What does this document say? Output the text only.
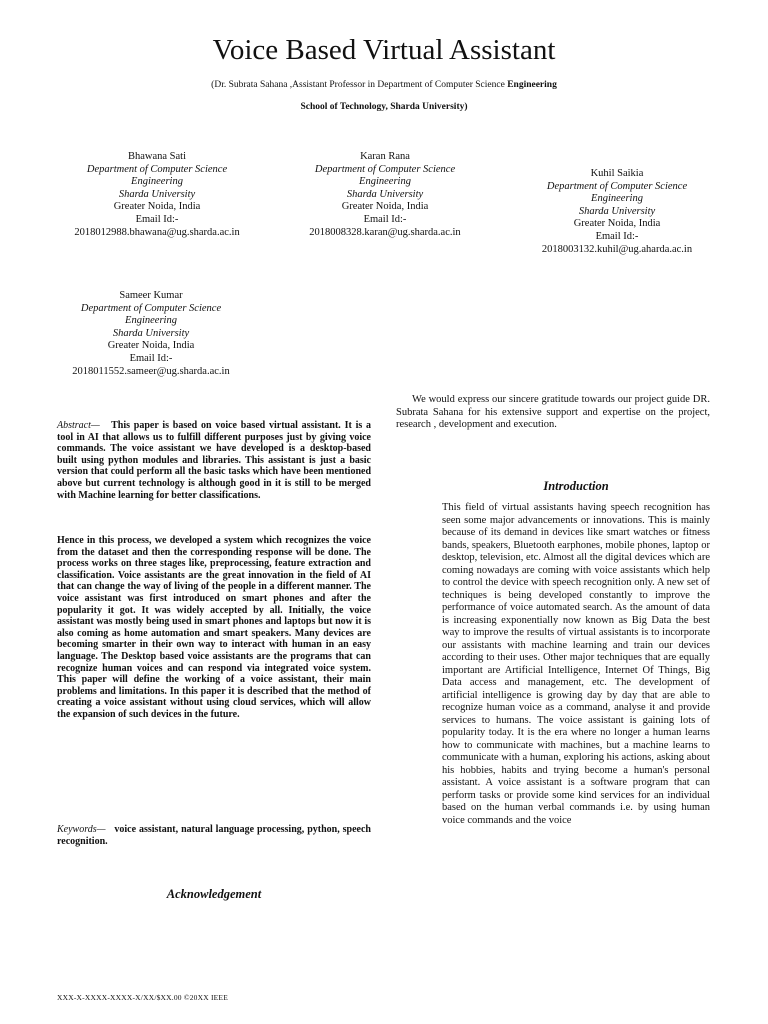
Voice Based Virtual Assistant
(Dr. Subrata Sahana ,Assistant Professor in Department of Computer Science Engineering
School of Technology, Sharda University)
Bhawana Sati
Department of Computer Science
Engineering
Sharda University
Greater Noida, India
Email Id:-
2018012988.bhawana@ug.sharda.ac.in
Karan Rana
Department of Computer Science
Engineering
Sharda University
Greater Noida, India
Email Id:-
2018008328.karan@ug.sharda.ac.in
Kuhil Saikia
Department of Computer Science
Engineering
Sharda University
Greater Noida, India
Email Id:-
2018003132.kuhil@ug.aharda.ac.in
Sameer Kumar
Department of Computer Science
Engineering
Sharda University
Greater Noida, India
Email Id:-
2018011552.sameer@ug.sharda.ac.in
Abstract— This paper is based on voice based virtual assistant. It is a tool in AI that allows us to fulfill different purposes just by giving voice commands. The voice assistant we have developed is a desktop-based built using python modules and libraries. This assistant is just a basic version that could perform all the basic tasks which have been mentioned above but current technology is although good in it is still to be merged with Machine learning for better classifications.
Hence in this process, we developed a system which recognizes the voice from the dataset and then the corresponding response will be done. The process works on three stages like, preprocessing, feature extraction and classification. Voice assistants are the great innovation in the field of AI that can change the way of living of the people in a different manner. The voice assistant was first introduced on smart phones and after the popularity it got. It was widely accepted by all. Initially, the voice assistant was mostly being used in smart phones and laptops but now it is also coming as home automation and smart speakers. Many devices are becoming smarter in their own way to interact with human in an easy language. The Desktop based voice assistants are the programs that can recognize human voices and can respond via integrated voice system. This paper will define the working of a voice assistant, their main problems and limitations. In this paper it is described that the method of creating a voice assistant without using cloud services, which will allow the expansion of such devices in the future.
Keywords— voice assistant, natural language processing, python, speech recognition.
Acknowledgement
We would express our sincere gratitude towards our project guide DR. Subrata Sahana for his extensive support and expertise on the project, research , development and execution.
Introduction
This field of virtual assistants having speech recognition has seen some major advancements or innovations. This is mainly because of its demand in devices like smart watches or fitness bands, speakers, Bluetooth earphones, mobile phones, laptop or desktop, television, etc. Almost all the digital devices which are coming nowadays are coming with voice assistants which help to control the device with speech recognition only. A new set of techniques is being developed constantly to improve the performance of voice automated search. As the amount of data is increasing exponentially now known as Big Data the best way to improve the results of virtual assistants is to incorporate our assistants with machine learning and train our devices according to their uses. Other major techniques that are equally important are Artificial Intelligence, Internet Of Things, Big Data access and management, etc. The development of artificial intelligence is growing day by day that are able to recognize human voice as a command, analyse it and provide services to humans. The voice assistant is gaining lots of popularity today. It is the era where no longer a human learns how to communicate with machines, but a machine learns to communicate with a human, exploring his actions, asking about his hobbies, habits and trying become a human's personal assistant. A voice assistant is a software program that can perform tasks or provide some kind services for an individual based on the human verbal commands i.e. by using human voice commands and the voice
XXX-X-XXXX-XXXX-X/XX/$XX.00 ©20XX IEEE
